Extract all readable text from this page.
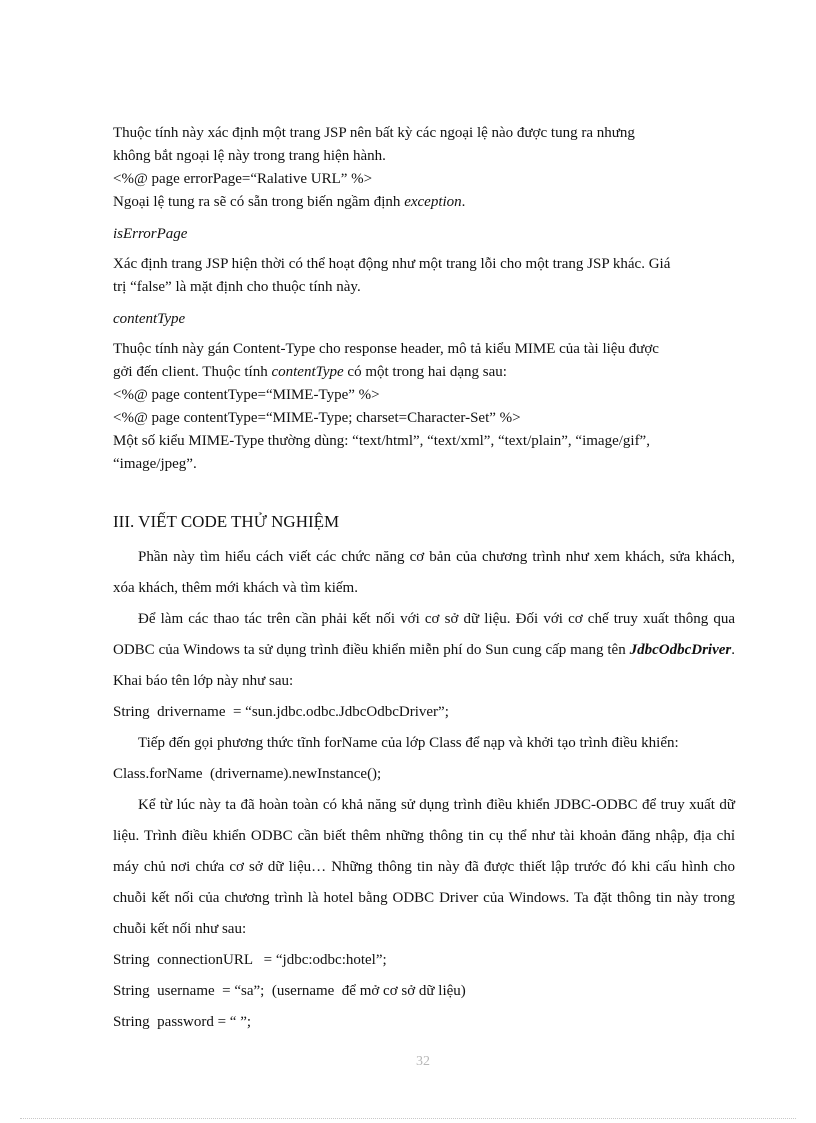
Thuộc tính này xác định một trang JSP nên bất kỳ các ngoại lệ nào được tung ra nhưng
không bắt ngoại lệ này trong trang hiện hành.
<%@ page errorPage=“Ralative URL” %>
Ngoại lệ tung ra sẽ có sẵn trong biến ngầm định exception.

isErrorPage

Xác định trang JSP hiện thời có thể hoạt động như một trang lỗi cho một trang JSP khác. Giá
trị “false” là mặt định cho thuộc tính này.

contentType

Thuộc tính này gán Content-Type cho response header, mô tả kiểu MIME của tài liệu được
gởi đến client. Thuộc tính contentType có một trong hai dạng sau:
<%@ page contentType=“MIME-Type” %>
<%@ page contentType=“MIME-Type; charset=Character-Set” %>
Một số kiểu MIME-Type thường dùng: “text/html”, “text/xml”, “text/plain”, “image/gif”,
“image/jpeg”.

III. VIẾT CODE THỬ NGHIỆM

Phần này tìm hiểu cách viết các chức năng cơ bản của chương trình như xem khách, sửa khách, xóa khách, thêm mới khách và tìm kiếm.

Để làm các thao tác trên cần phải kết nối với cơ sở dữ liệu. Đối với cơ chế truy xuất thông qua ODBC của Windows ta sử dụng trình điều khiển miễn phí do Sun cung cấp mang tên JdbcOdbcDriver. Khai báo tên lớp này như sau:

String  drivername  = “sun.jdbc.odbc.JdbcOdbcDriver”;

Tiếp đến gọi phương thức tĩnh forName của lớp Class để nạp và khởi tạo trình điều khiển:

Class.forName  (drivername).newInstance();

Kể từ lúc này ta đã hoàn toàn có khả năng sử dụng trình điều khiển JDBC-ODBC để truy xuất dữ liệu. Trình điều khiển ODBC cần biết thêm những thông tin cụ thể như tài khoản đăng nhập, địa chỉ máy chủ nơi chứa cơ sở dữ liệu… Những thông tin này đã được thiết lập trước đó khi cấu hình cho chuỗi kết nối của chương trình là hotel bằng ODBC Driver của Windows. Ta đặt thông tin này trong chuỗi kết nối như sau:

String  connectionURL   = “jdbc:odbc:hotel”;

String  username  = “sa”;  (username  để mở cơ sở dữ liệu)

String  password = “ ”;

32
